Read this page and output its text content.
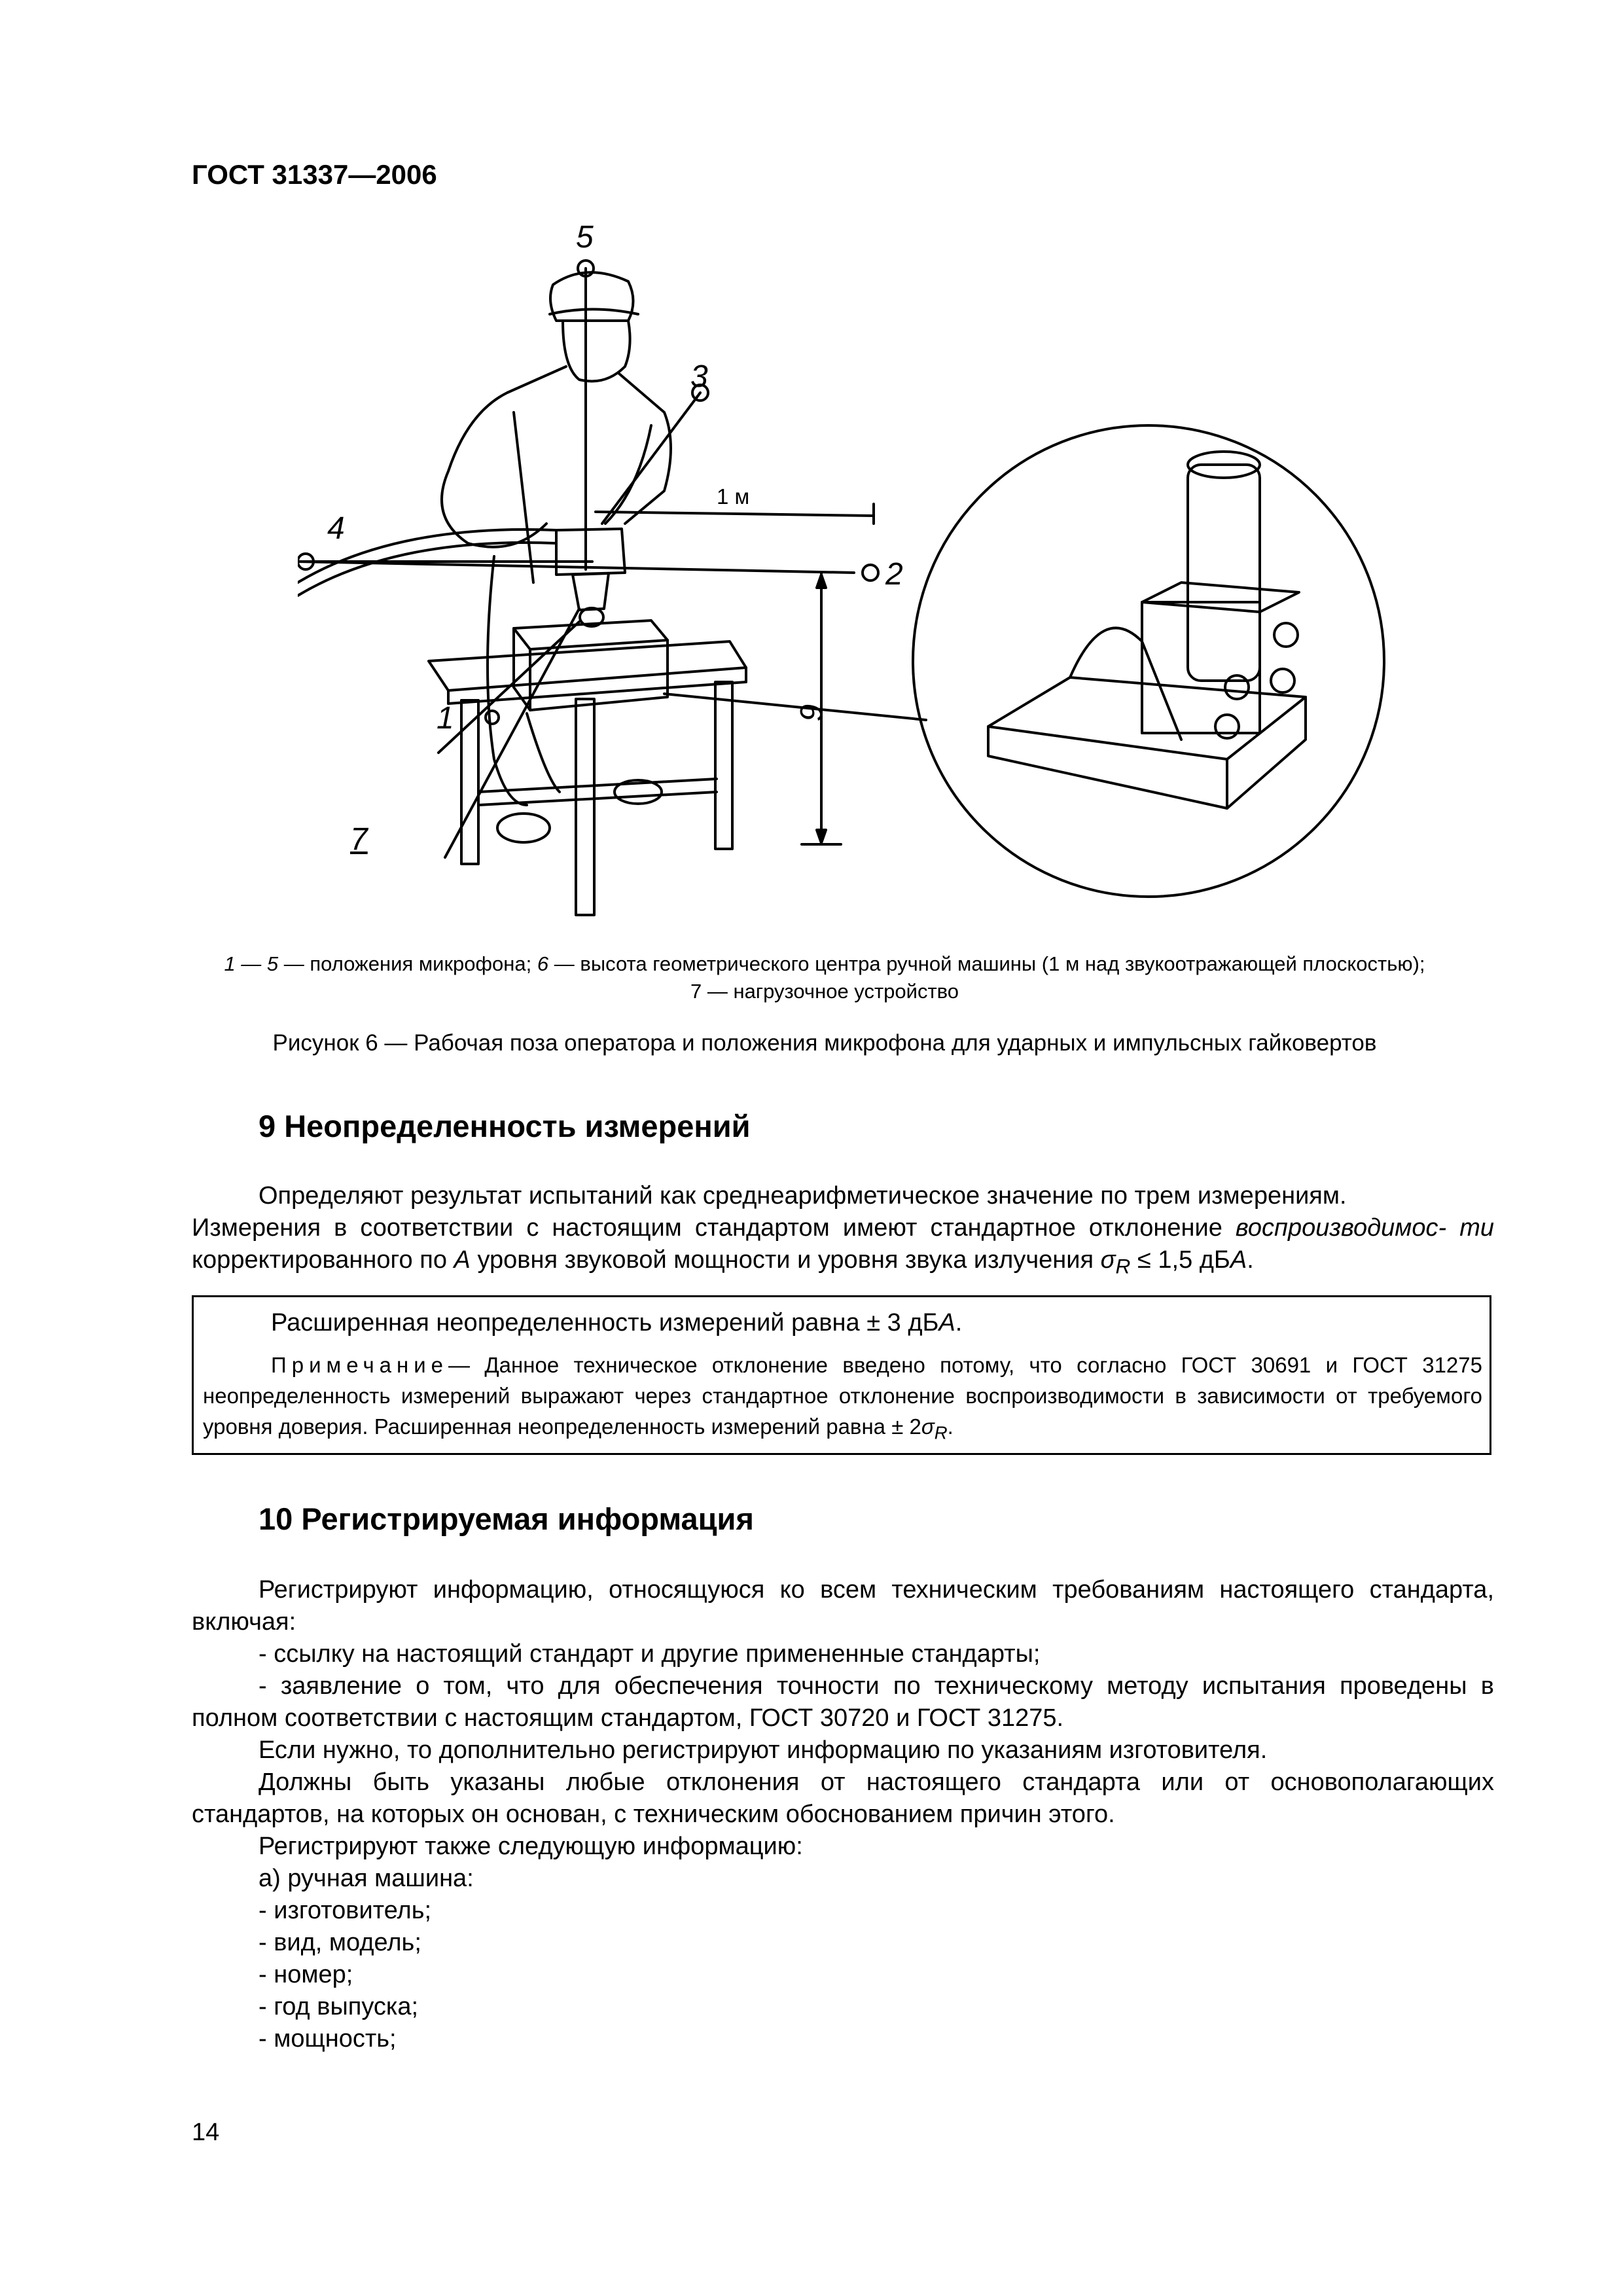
ГОСТ 31337—2006
5
3
4
2
1	6
7
1 м
1 — 5 — положения микрофона; 6 — высота геометрического центра ручной машины (1 м над звукоотражающей плоскостью);
7 — нагрузочное устройство
Рисунок 6 — Рабочая поза оператора и положения микрофона для ударных и импульсных гайковертов
9 Неопределенность измерений

Определяют результат испытаний как среднеарифметическое значение по трем измерениям.

Измерения в соответствии с настоящим стандартом имеют стандартное отклонение воспроизводимос- ти корректированного по A уровня звуковой мощности и уровня звука излучения $\sigma_R \le 1,5$ дБA.
Расширенная неопределенность измерений равна ± 3 дБA.
Примечание— Данное техническое отклонение введено потому, что согласно ГОСТ 30691 и ГОСТ 31275 неопределенность измерений выражают через стандартное отклонение воспроизводимости в зависимости от требуемого уровня доверия. Расширенная неопределенность измерений равна ± $2\sigma_R$.
10 Регистрируемая информация

Регистрируют информацию, относящуюся ко всем техническим требованиям настоящего стандарта, включая:

- ссылку на настоящий стандарт и другие примененные стандарты;

- заявление о том, что для обеспечения точности по техническому методу испытания проведены в полном соответствии с настоящим стандартом, ГОСТ 30720 и ГОСТ 31275.

Если нужно, то дополнительно регистрируют информацию по указаниям изготовителя.

Должны быть указаны любые отклонения от настоящего стандарта или от основополагающих стандартов, на которых он основан, с техническим обоснованием причин этого.

Регистрируют также следующую информацию:
а) ручная машина:
- изготовитель;
- вид, модель;
- номер;
- год выпуска;
- мощность;
14
